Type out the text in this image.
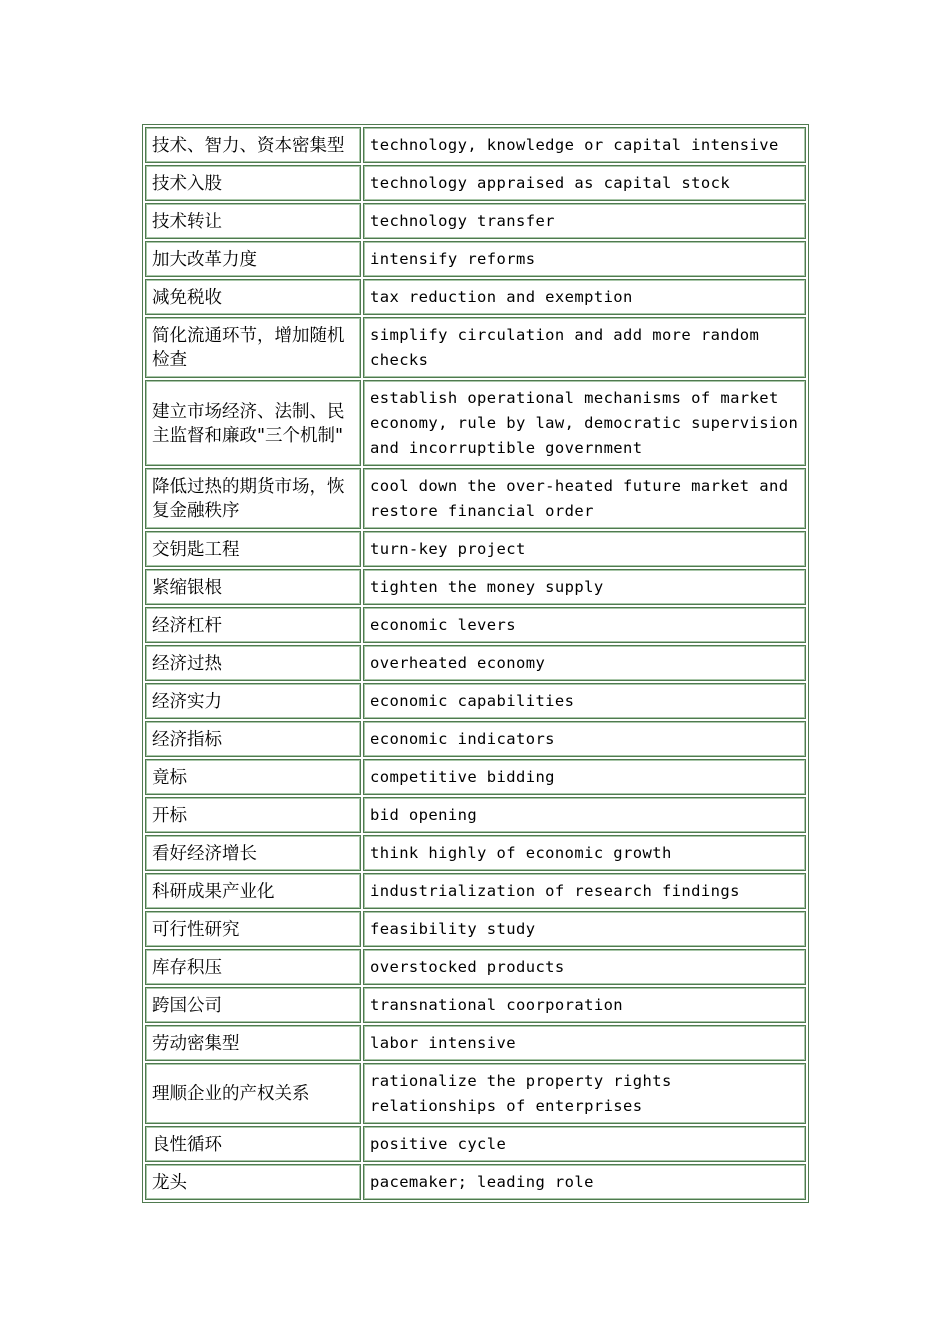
技术、智力、资本密集型	technology, knowledge or capital intensive
技术入股	technology appraised as capital stock
技术转让	technology transfer
加大改革力度	intensify reforms
减免税收	tax reduction and exemption
简化流通环节，增加随机检查	simplify circulation and add more random checks
建立市场经济、法制、民主监督和廉政"三个机制"	establish operational mechanisms of market economy, rule by law, democratic supervision and incorruptible government
降低过热的期货市场，恢复金融秩序	cool down the over-heated future market and restore financial order
交钥匙工程	turn-key project
紧缩银根	tighten the money supply
经济杠杆	economic levers
经济过热	overheated economy
经济实力	economic capabilities
经济指标	economic indicators
竟标	competitive bidding
开标	bid opening
看好经济增长	think highly of economic growth
科研成果产业化	industrialization of research findings
可行性研究	feasibility study
库存积压	overstocked products
跨国公司	transnational coorporation
劳动密集型	labor intensive
理顺企业的产权关系	rationalize the property rights relationships of enterprises
良性循环	positive cycle
龙头	pacemaker; leading role
